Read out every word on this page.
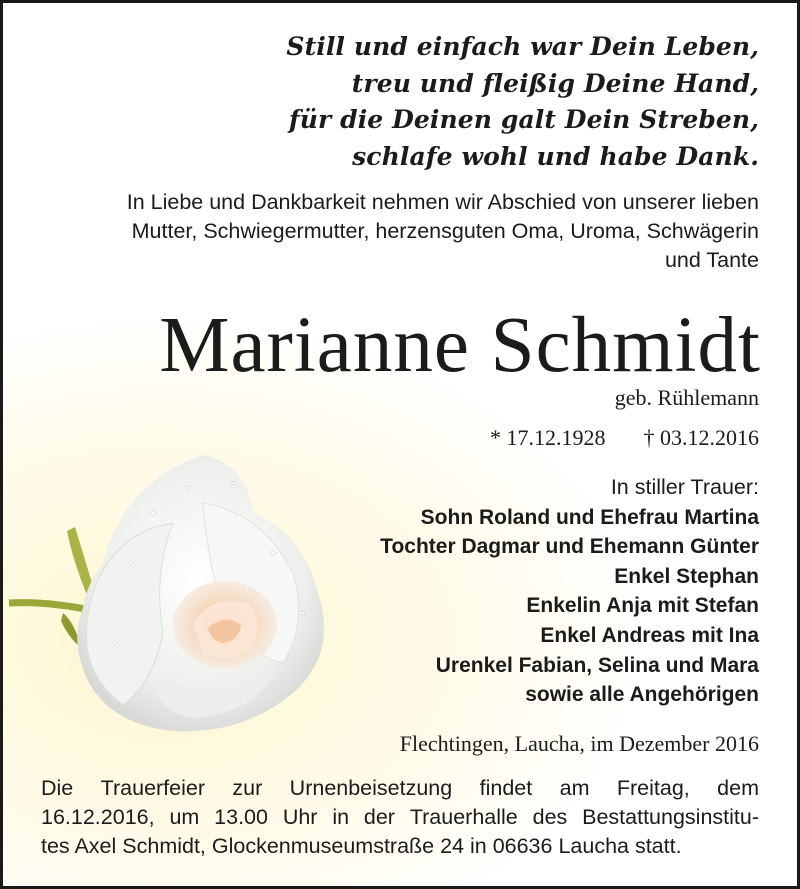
Still und einfach war Dein Leben,
treu und fleißig Deine Hand,
für die Deinen galt Dein Streben,
schlafe wohl und habe Dank.
In Liebe und Dankbarkeit nehmen wir Abschied von unserer lieben
Mutter, Schwiegermutter, herzensguten Oma, Uroma, Schwägerin
und Tante
Marianne Schmidt
geb. Rühlemann
* 17.12.1928 † 03.12.2016
In stiller Trauer:
Sohn Roland und Ehefrau Martina
Tochter Dagmar und Ehemann Günter
Enkel Stephan
Enkelin Anja mit Stefan
Enkel Andreas mit Ina
Urenkel Fabian, Selina und Mara
sowie alle Angehörigen
Flechtingen, Laucha, im Dezember 2016
Die Trauerfeier zur Urnenbeisetzung findet am Freitag, dem
16.12.2016, um 13.00 Uhr in der Trauerhalle des Bestattungsinstitu-
tes Axel Schmidt, Glockenmuseumstraße 24 in 06636 Laucha statt.
